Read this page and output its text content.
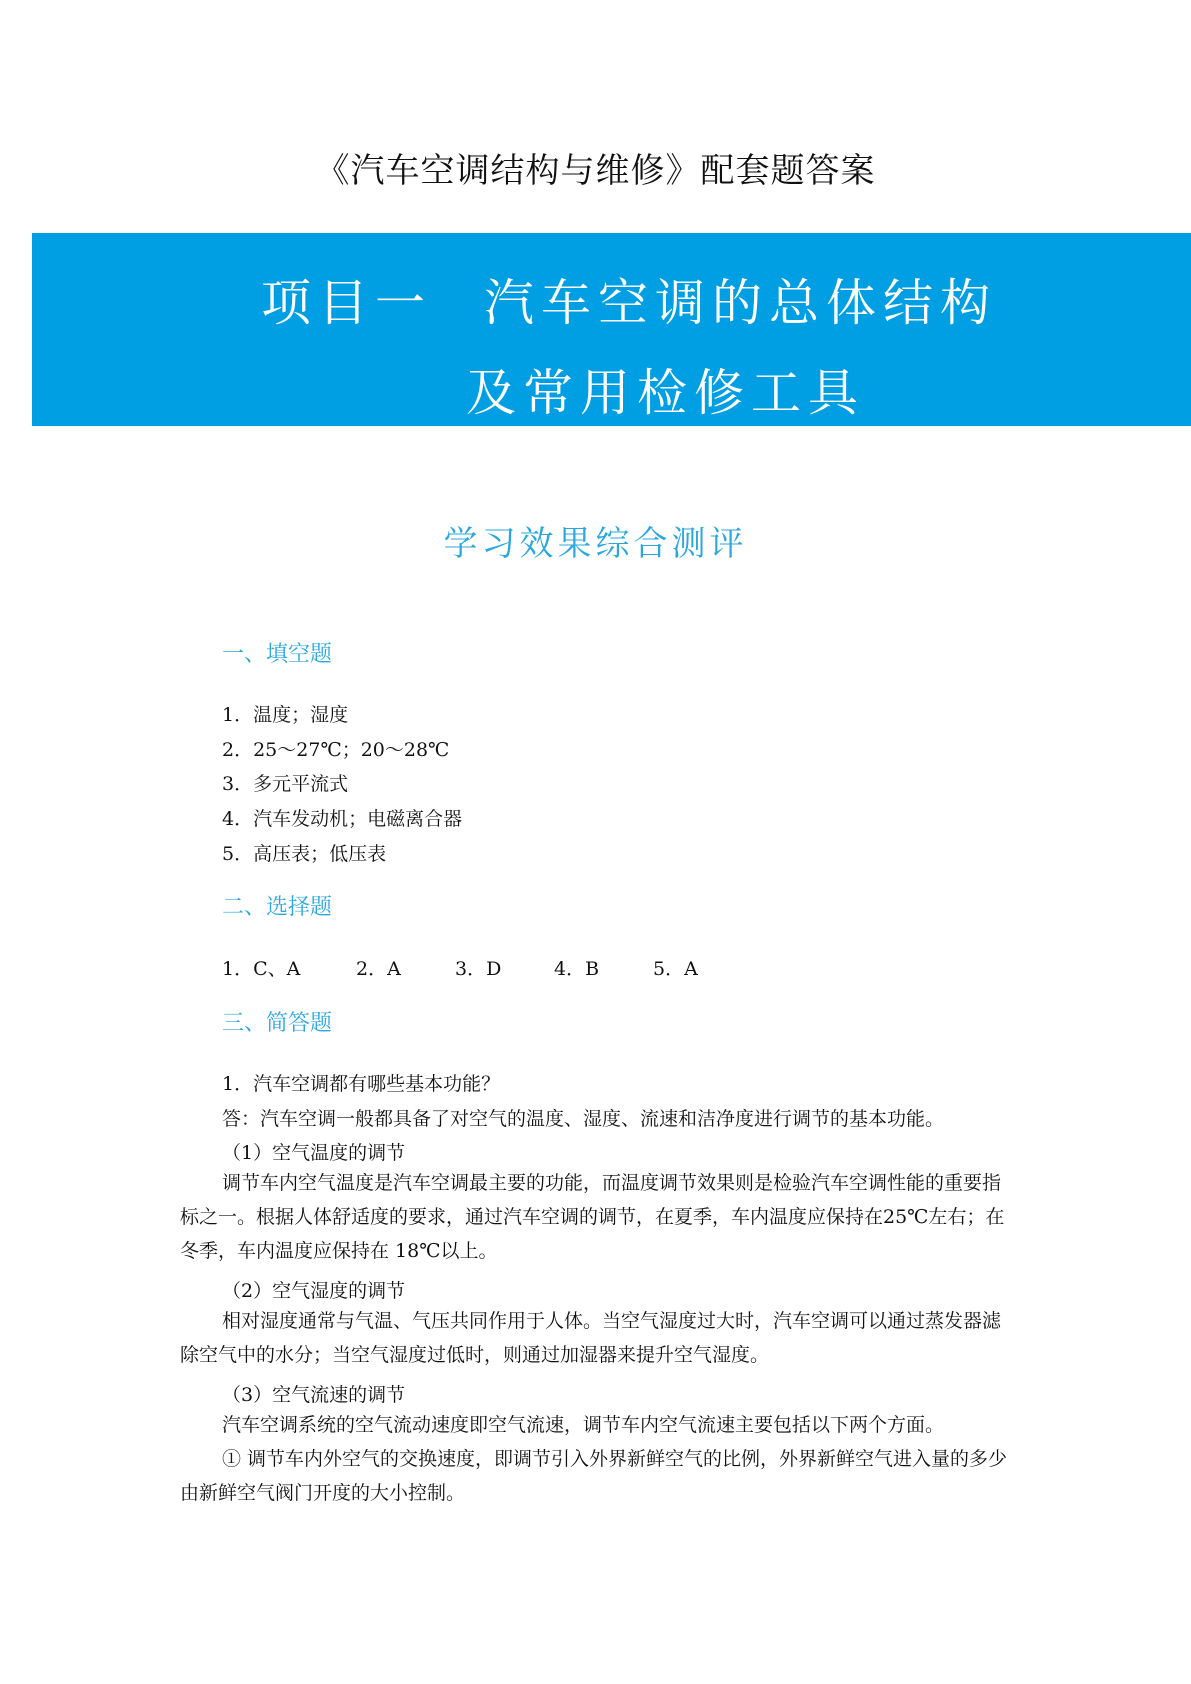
《汽车空调结构与维修》配套题答案
项目一 汽车空调的总体结构
及常用检修工具
学习效果综合测评
一、填空题
1．温度；湿度
2．25～27℃；20～28℃
3．多元平流式
4．汽车发动机；电磁离合器
5．高压表；低压表
二、选择题
1．C、A	2．A	3．D	4．B	5．A
三、简答题
1．汽车空调都有哪些基本功能？
答：汽车空调一般都具备了对空气的温度、湿度、流速和洁净度进行调节的基本功能。
（1）空气温度的调节

调节车内空气温度是汽车空调最主要的功能，而温度调节效果则是检验汽车空调性能的重要指标之一。根据人体舒适度的要求，通过汽车空调的调节，在夏季，车内温度应保持在25℃左右；在冬季，车内温度应保持在 18℃以上。

（2）空气湿度的调节

相对湿度通常与气温、气压共同作用于人体。当空气湿度过大时，汽车空调可以通过蒸发器滤除空气中的水分；当空气湿度过低时，则通过加湿器来提升空气湿度。

（3）空气流速的调节

汽车空调系统的空气流动速度即空气流速，调节车内空气流速主要包括以下两个方面。

① 调节车内外空气的交换速度，即调节引入外界新鲜空气的比例，外界新鲜空气进入量的多少由新鲜空气阀门开度的大小控制。
